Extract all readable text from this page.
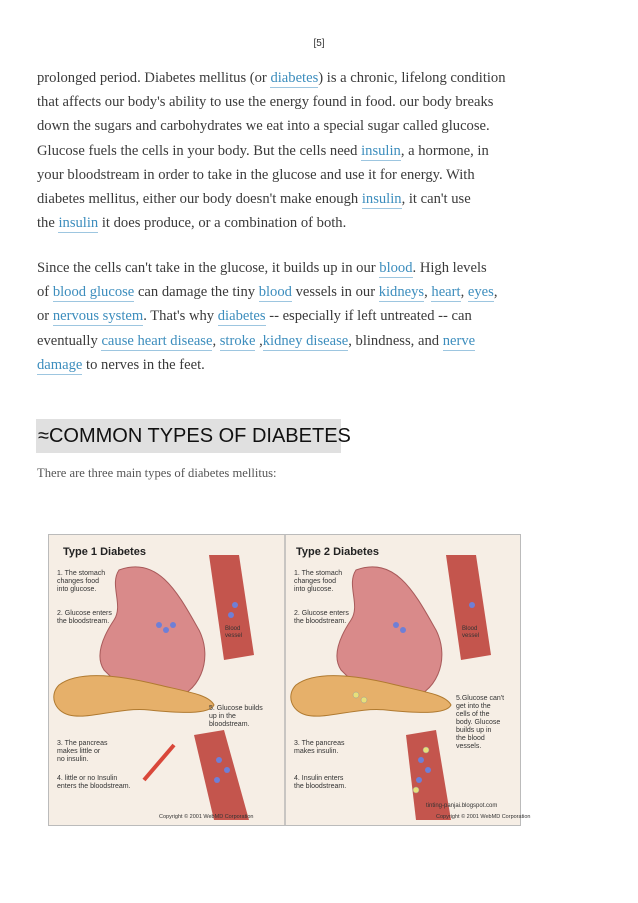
[5]
prolonged period. Diabetes mellitus (or diabetes) is a chronic, lifelong condition
that affects our body's ability to use the energy found in food. our body breaks
down the sugars and carbohydrates we eat into a special sugar called glucose.
Glucose fuels the cells in your body. But the cells need insulin, a hormone, in
your bloodstream in order to take in the glucose and use it for energy. With
diabetes mellitus, either our body doesn't make enough insulin, it can't use
the insulin it does produce, or a combination of both.
Since the cells can't take in the glucose, it builds up in our blood. High levels
of blood glucose can damage the tiny blood vessels in our kidneys, heart, eyes,
or nervous system. That's why diabetes -- especially if left untreated -- can
eventually cause heart disease, stroke ,kidney disease, blindness, and nerve
damage to nerves in the feet.
≈COMMON TYPES OF DIABETES
There are three main types of diabetes mellitus:
Type 1 Diabetes
Blood vessel
5. Glucose builds up in the bloodstream.
1. The stomach changes food into glucose.
2. Glucose enters the bloodstream.
3. The pancreas makes little or no insulin.
4. little or no Insulin enters the bloodstream.
Copyright © 2001 WebMD Corporation
Type 2 Diabetes
Blood vessel
5.Glucose can't get into the cells of the body. Glucose builds up in the blood vessels.
1. The stomach changes food into glucose.
2. Glucose enters the bloodstream.
3. The pancreas makes insulin.
4. Insulin enters the bloodstream.
tinting-panjai.blogspot.com
Copyright © 2001 WebMD Corporation
